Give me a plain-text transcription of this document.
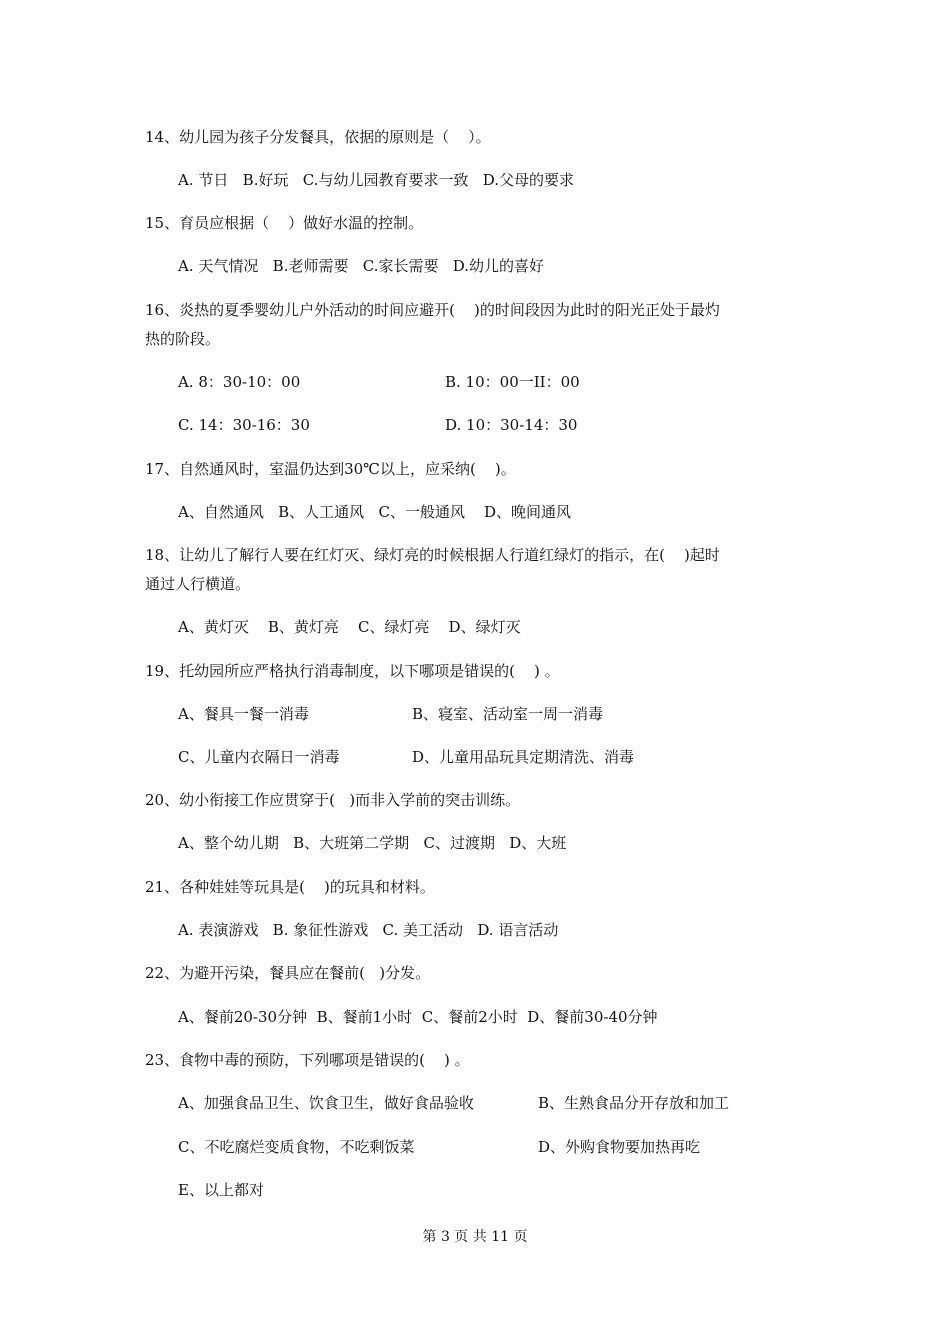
14、幼儿园为孩子分发餐具，依据的原则是（    ）。
A. 节日   B.好玩   C.与幼儿园教育要求一致   D.父母的要求
15、育员应根据（    ）做好水温的控制。
A. 天气情况   B.老师需要   C.家长需要   D.幼儿的喜好
16、炎热的夏季婴幼儿户外活动的时间应避开(    )的时间段因为此时的阳光正处于最灼
热的阶段。
A. 8：30-10：00	B. 10：00一II：00
C. 14：30-16：30	D. 10：30-14：30
17、自然通风时，室温仍达到30℃以上，应采纳(    )。
A、自然通风   B、人工通风   C、一般通风    D、晚间通风
18、让幼儿了解行人要在红灯灭、绿灯亮的时候根据人行道红绿灯的指示，在(    )起时
通过人行横道。
A、黄灯灭    B、黄灯亮    C、绿灯亮    D、绿灯灭
19、托幼园所应严格执行消毒制度，以下哪项是错误的(    ) 。
A、餐具一餐一消毒	B、寝室、活动室一周一消毒
C、儿童内衣隔日一消毒	D、儿童用品玩具定期清洗、消毒
20、幼小衔接工作应贯穿于(   )而非入学前的突击训练。
A、整个幼儿期   B、大班第二学期   C、过渡期   D、大班
21、各种娃娃等玩具是(    )的玩具和材料。
A. 表演游戏   B. 象征性游戏   C. 美工活动   D. 语言活动
22、为避开污染，餐具应在餐前(   )分发。
A、餐前20-30分钟  B、餐前1小时  C、餐前2小时  D、餐前30-40分钟
23、食物中毒的预防，下列哪项是错误的(    ) 。
A、加强食品卫生、饮食卫生，做好食品验收	B、生熟食品分开存放和加工
C、不吃腐烂变质食物，不吃剩饭菜	D、外购食物要加热再吃
E、以上都对
第 3 页 共 11 页
